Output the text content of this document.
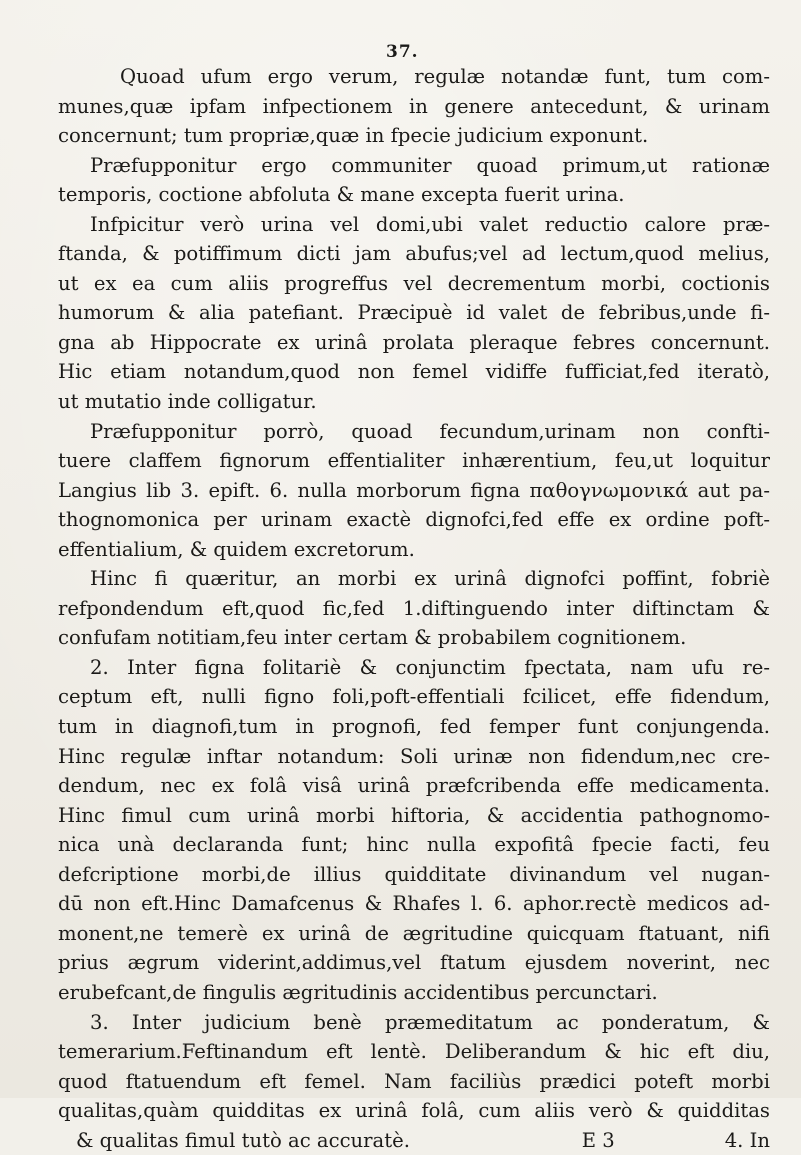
37.
Quoad ufum ergo verum, regulæ notandæ funt, tum com-
munes,quæ ipfam infpectionem in genere antecedunt, & urinam
concernunt; tum propriæ,quæ in fpecie judicium exponunt.
Præfupponitur ergo communiter quoad primum,ut rationæ
temporis, coctione abfoluta & mane excepta fuerit urina.
Infpicitur verò urina vel domi,ubi valet reductio calore præ-
ftanda, & potiffimum dicti jam abufus;vel ad lectum,quod melius,
ut ex ea cum aliis progreffus vel decrementum morbi, coctionis
humorum & alia patefiant. Præcipuè id valet de febribus,unde fi-
gna ab Hippocrate ex urinâ prolata pleraque febres concernunt.
Hic etiam notandum,quod non femel vidiffe fufficiat,fed iteratò,
ut mutatio inde colligatur.
Præfupponitur porrò, quoad fecundum,urinam non confti-
tuere claffem fignorum effentialiter inhærentium, feu,ut loquitur
Langius lib 3. epift. 6. nulla morborum figna παθογνωμονικά aut pa-
thognomonica per urinam exactè dignofci,fed effe ex ordine poft-
effentialium, & quidem excretorum.
Hinc fi quæritur, an morbi ex urinâ dignofci poffint, fobriè
refpondendum eft,quod fic,fed 1.diftinguendo inter diftinctam &
confufam notitiam,feu inter certam & probabilem cognitionem.
2. Inter figna folitariè & conjunctim fpectata, nam ufu re-
ceptum eft, nulli figno foli,poft-effentiali fcilicet, effe fidendum,
tum in diagnofi,tum in prognofi, fed femper funt conjungenda.
Hinc regulæ inftar notandum: Soli urinæ non fidendum,nec cre-
dendum, nec ex folâ visâ urinâ præfcribenda effe medicamenta.
Hinc fimul cum urinâ morbi hiftoria, & accidentia pathognomo-
nica unà declaranda funt; hinc nulla expofitâ fpecie facti, feu
defcriptione morbi,de illius quidditate divinandum vel nugan-
dū non eft.Hinc Damafcenus & Rhafes l. 6. aphor.rectè medicos ad-
monent,ne temerè ex urinâ de ægritudine quicquam ftatuant, nifi
prius ægrum viderint,addimus,vel ftatum ejusdem noverint, nec
erubefcant,de fingulis ægritudinis accidentibus percunctari.
3. Inter judicium benè præmeditatum ac ponderatum, &
temerarium.Feftinandum eft lentè. Deliberandum & hic eft diu,
quod ftatuendum eft femel. Nam faciliùs prædici poteft morbi
qualitas,quàm quidditas ex urinâ folâ, cum aliis verò & quidditas
& qualitas fimul tutò ac accuratè.	4. In
E 3
